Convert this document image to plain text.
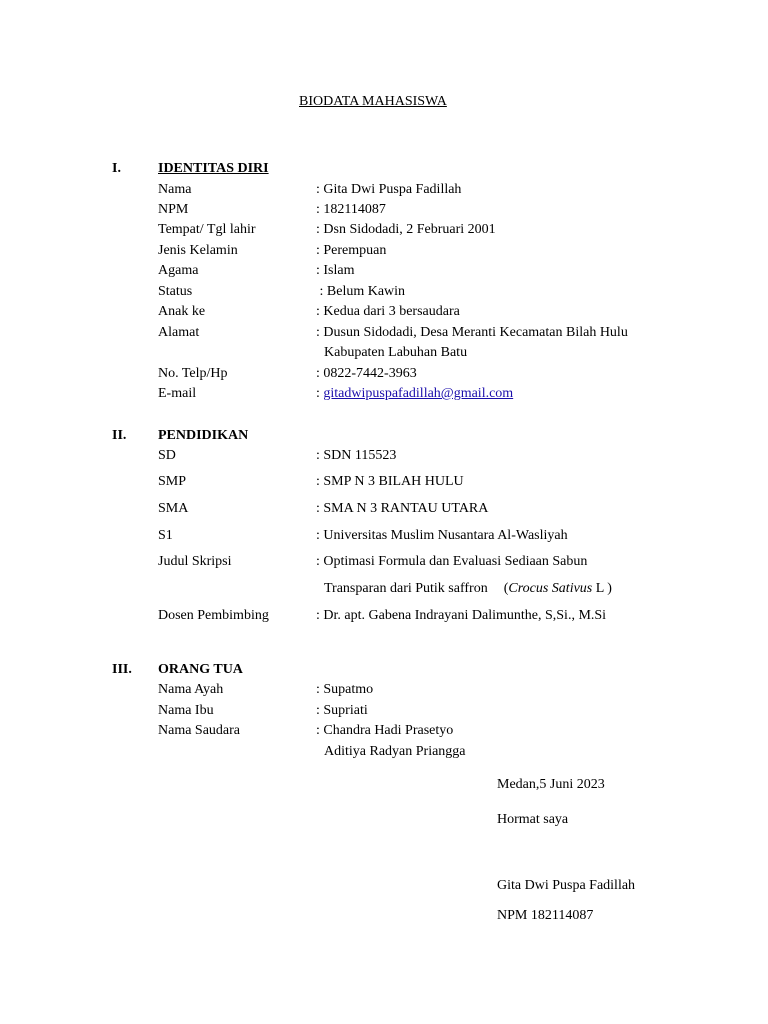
BIODATA MAHASISWA
I.	IDENTITAS DIRI
Nama	: Gita Dwi Puspa Fadillah
NPM	: 182114087
Tempat/ Tgl lahir	: Dsn Sidodadi, 2 Februari 2001
Jenis Kelamin	: Perempuan
Agama	: Islam
Status	: Belum Kawin
Anak ke	: Kedua dari 3 bersaudara
Alamat	: Dusun Sidodadi, Desa Meranti Kecamatan Bilah Hulu
Kabupaten Labuhan Batu
No. Telp/Hp	: 0822-7442-3963
E-mail	: gitadwipuspafadillah@gmail.com
II. PENDIDIKAN
SD	: SDN 115523
SMP	: SMP N 3 BILAH HULU
SMA	: SMA N 3 RANTAU UTARA
S1	: Universitas Muslim Nusantara Al-Wasliyah
Judul Skripsi	: Optimasi Formula dan Evaluasi Sediaan Sabun
Transparan dari Putik saffron (Crocus Sativus L )
Dosen Pembimbing	: Dr. apt. Gabena Indrayani Dalimunthe, S,Si., M.Si
III. ORANG TUA
Nama Ayah	: Supatmo
Nama Ibu	: Supriati
Nama Saudara	: Chandra Hadi Prasetyo
Aditiya Radyan Priangga
Medan,5 Juni 2023
Hormat saya
Gita Dwi Puspa Fadillah
NPM 182114087
